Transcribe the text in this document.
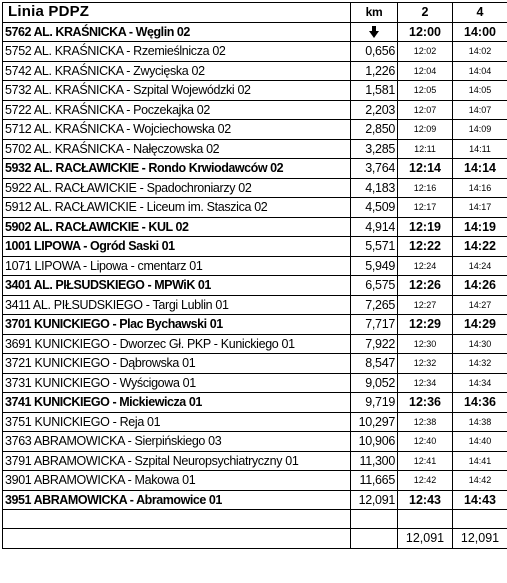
Linia PDPZ	km	2	4
5762 AL. KRAŚNICKA - Węglin 02		12:00	14:00
5752 AL. KRAŚNICKA - Rzemieślnicza 02	0,656	12:02	14:02
5742 AL. KRAŚNICKA - Zwycięska 02	1,226	12:04	14:04
5732 AL. KRAŚNICKA - Szpital Wojewódzki 02	1,581	12:05	14:05
5722 AL. KRAŚNICKA - Poczekajka 02	2,203	12:07	14:07
5712 AL. KRAŚNICKA - Wojciechowska 02	2,850	12:09	14:09
5702 AL. KRAŚNICKA - Nałęczowska 02	3,285	12:11	14:11
5932 AL. RACŁAWICKIE - Rondo Krwiodawców 02	3,764	12:14	14:14
5922 AL. RACŁAWICKIE - Spadochroniarzy 02	4,183	12:16	14:16
5912 AL. RACŁAWICKIE - Liceum im. Staszica 02	4,509	12:17	14:17
5902 AL. RACŁAWICKIE - KUL 02	4,914	12:19	14:19
1001 LIPOWA - Ogród Saski 01	5,571	12:22	14:22
1071 LIPOWA - Lipowa - cmentarz 01	5,949	12:24	14:24
3401 AL. PIŁSUDSKIEGO - MPWiK 01	6,575	12:26	14:26
3411 AL. PIŁSUDSKIEGO - Targi Lublin 01	7,265	12:27	14:27
3701 KUNICKIEGO - Plac Bychawski 01	7,717	12:29	14:29
3691 KUNICKIEGO - Dworzec Gł. PKP - Kunickiego 01	7,922	12:30	14:30
3721 KUNICKIEGO - Dąbrowska 01	8,547	12:32	14:32
3731 KUNICKIEGO - Wyścigowa 01	9,052	12:34	14:34
3741 KUNICKIEGO - Mickiewicza 01	9,719	12:36	14:36
3751 KUNICKIEGO - Reja 01	10,297	12:38	14:38
3763 ABRAMOWICKA - Sierpińskiego 03	10,906	12:40	14:40
3791 ABRAMOWICKA - Szpital Neuropsychiatryczny 01	11,300	12:41	14:41
3901 ABRAMOWICKA - Makowa 01	11,665	12:42	14:42
3951 ABRAMOWICKA - Abramowice 01	12,091	12:43	14:43

		12,091	12,091
